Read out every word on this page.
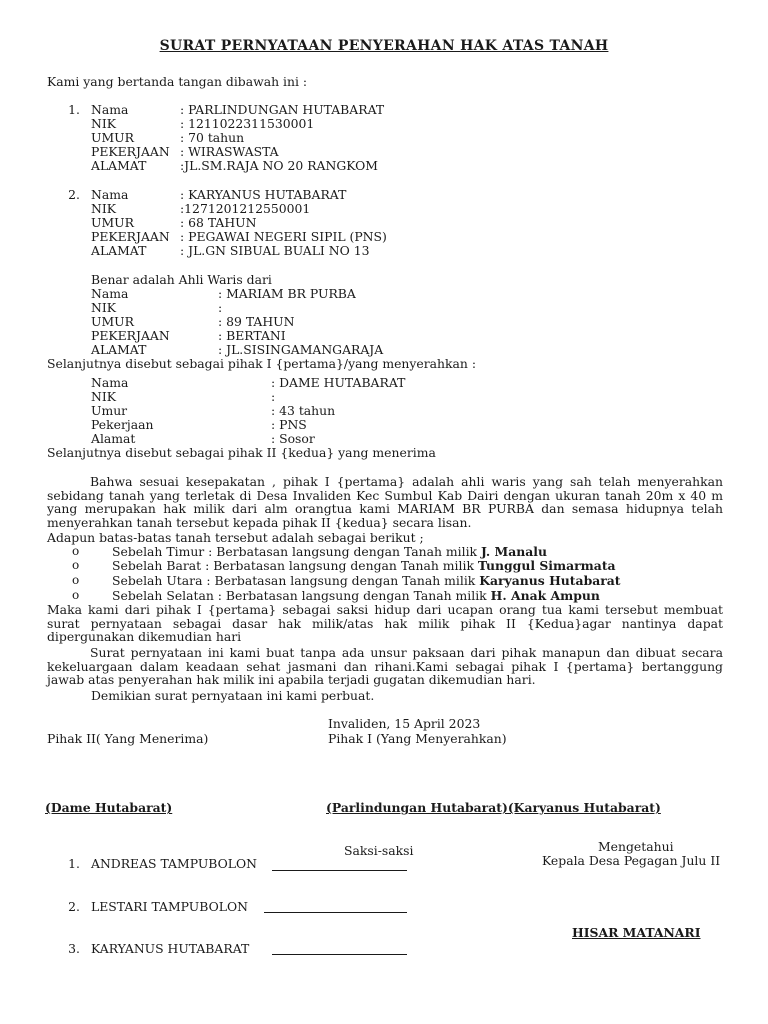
SURAT PERNYATAAN PENYERAHAN HAK ATAS TANAH
Kami yang bertanda tangan dibawah ini :
1. Nama	: PARLINDUNGAN HUTABARAT
NIK	: 1211022311530001
UMUR	: 70 tahun
PEKERJAAN : WIRASWASTA
ALAMAT	:JL.SM.RAJA NO 20 RANGKOM
2. Nama	: KARYANUS HUTABARAT
NIK	:1271201212550001
UMUR	: 68 TAHUN
PEKERJAAN : PEGAWAI NEGERI SIPIL (PNS)
ALAMAT	: JL.GN SIBUAL BUALI NO 13
Benar adalah Ahli Waris dari
Nama	: MARIAM BR PURBA
NIK	:
UMUR	: 89 TAHUN
PEKERJAAN	: BERTANI
ALAMAT	: JL.SISINGAMANGARAJA
Selanjutnya disebut sebagai pihak I {pertama}/yang menyerahkan :
Nama	: DAME HUTABARAT
NIK	:
Umur	: 43 tahun
Pekerjaan	: PNS
Alamat	: Sosor
Selanjutnya disebut sebagai pihak II {kedua} yang menerima
Bahwa sesuai kesepakatan , pihak I {pertama} adalah ahli waris yang sah telah menyerahkan sebidang tanah yang terletak di Desa Invaliden Kec Sumbul Kab Dairi dengan ukuran tanah 20m x 40 m yang merupakan hak milik dari alm orangtua kami MARIAM BR PURBA dan semasa hidupnya telah menyerahkan tanah tersebut kepada pihak II {kedua} secara lisan.
Adapun batas-batas tanah tersebut adalah sebagai berikut ;
o	Sebelah Timur : Berbatasan langsung dengan Tanah milik J. Manalu
o	Sebelah Barat : Berbatasan langsung dengan Tanah milik Tunggul Simarmata
o	Sebelah Utara : Berbatasan langsung dengan Tanah milik Karyanus Hutabarat
o	Sebelah Selatan : Berbatasan langsung dengan Tanah milik H. Anak Ampun
Maka kami dari pihak I {pertama} sebagai saksi hidup dari ucapan orang tua kami tersebut membuat surat pernyataan sebagai dasar hak milik/atas hak milik pihak II {Kedua}agar nantinya dapat dipergunakan dikemudian hari
Surat pernyataan ini kami buat tanpa ada unsur paksaan dari pihak manapun dan dibuat secara kekeluargaan dalam keadaan sehat jasmani dan rihani.Kami sebagai pihak I {pertama} bertanggung jawab atas penyerahan hak milik ini apabila terjadi gugatan dikemudian hari.
Demikian surat pernyataan ini kami perbuat.
Invaliden, 15 April 2023
Pihak II( Yang Menerima)	Pihak I (Yang Menyerahkan)
(Dame Hutabarat)	(Parlindungan Hutabarat)(Karyanus Hutabarat)
Saksi-saksi
1. ANDREAS TAMPUBOLON
2. LESTARI TAMPUBOLON
3. KARYANUS HUTABARAT
Mengetahui
Kepala Desa Pegagan Julu II
HISAR MATANARI
